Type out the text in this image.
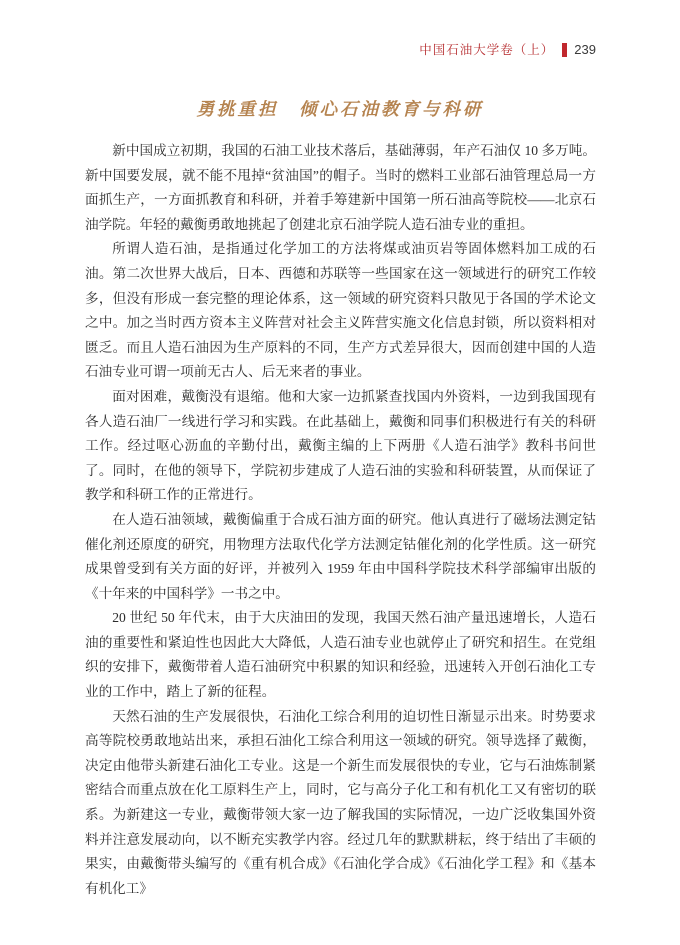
中国石油大学卷（上） 239
勇挑重担　倾心石油教育与科研

新中国成立初期，我国的石油工业技术落后，基础薄弱，年产石油仅 10 多万吨。新中国要发展，就不能不甩掉“贫油国”的帽子。当时的燃料工业部石油管理总局一方面抓生产，一方面抓教育和科研，并着手筹建新中国第一所石油高等院校——北京石油学院。年轻的戴衡勇敢地挑起了创建北京石油学院人造石油专业的重担。

所谓人造石油，是指通过化学加工的方法将煤或油页岩等固体燃料加工成的石油。第二次世界大战后，日本、西德和苏联等一些国家在这一领域进行的研究工作较多，但没有形成一套完整的理论体系，这一领域的研究资料只散见于各国的学术论文之中。加之当时西方资本主义阵营对社会主义阵营实施文化信息封锁，所以资料相对匮乏。而且人造石油因为生产原料的不同，生产方式差异很大，因而创建中国的人造石油专业可谓一项前无古人、后无来者的事业。

面对困难，戴衡没有退缩。他和大家一边抓紧查找国内外资料，一边到我国现有各人造石油厂一线进行学习和实践。在此基础上，戴衡和同事们积极进行有关的科研工作。经过呕心沥血的辛勤付出，戴衡主编的上下两册《人造石油学》教科书问世了。同时，在他的领导下，学院初步建成了人造石油的实验和科研装置，从而保证了教学和科研工作的正常进行。

在人造石油领域，戴衡偏重于合成石油方面的研究。他认真进行了磁场法测定钴催化剂还原度的研究，用物理方法取代化学方法测定钴催化剂的化学性质。这一研究成果曾受到有关方面的好评，并被列入 1959 年由中国科学院技术科学部编审出版的《十年来的中国科学》一书之中。

20 世纪 50 年代末，由于大庆油田的发现，我国天然石油产量迅速增长，人造石油的重要性和紧迫性也因此大大降低，人造石油专业也就停止了研究和招生。在党组织的安排下，戴衡带着人造石油研究中积累的知识和经验，迅速转入开创石油化工专业的工作中，踏上了新的征程。

天然石油的生产发展很快，石油化工综合利用的迫切性日渐显示出来。时势要求高等院校勇敢地站出来，承担石油化工综合利用这一领域的研究。领导选择了戴衡，决定由他带头新建石油化工专业。这是一个新生而发展很快的专业，它与石油炼制紧密结合而重点放在化工原料生产上，同时，它与高分子化工和有机化工又有密切的联系。为新建这一专业，戴衡带领大家一边了解我国的实际情况，一边广泛收集国外资料并注意发展动向，以不断充实教学内容。经过几年的默默耕耘，终于结出了丰硕的果实，由戴衡带头编写的《重有机合成》《石油化学合成》《石油化学工程》和《基本有机化工》
